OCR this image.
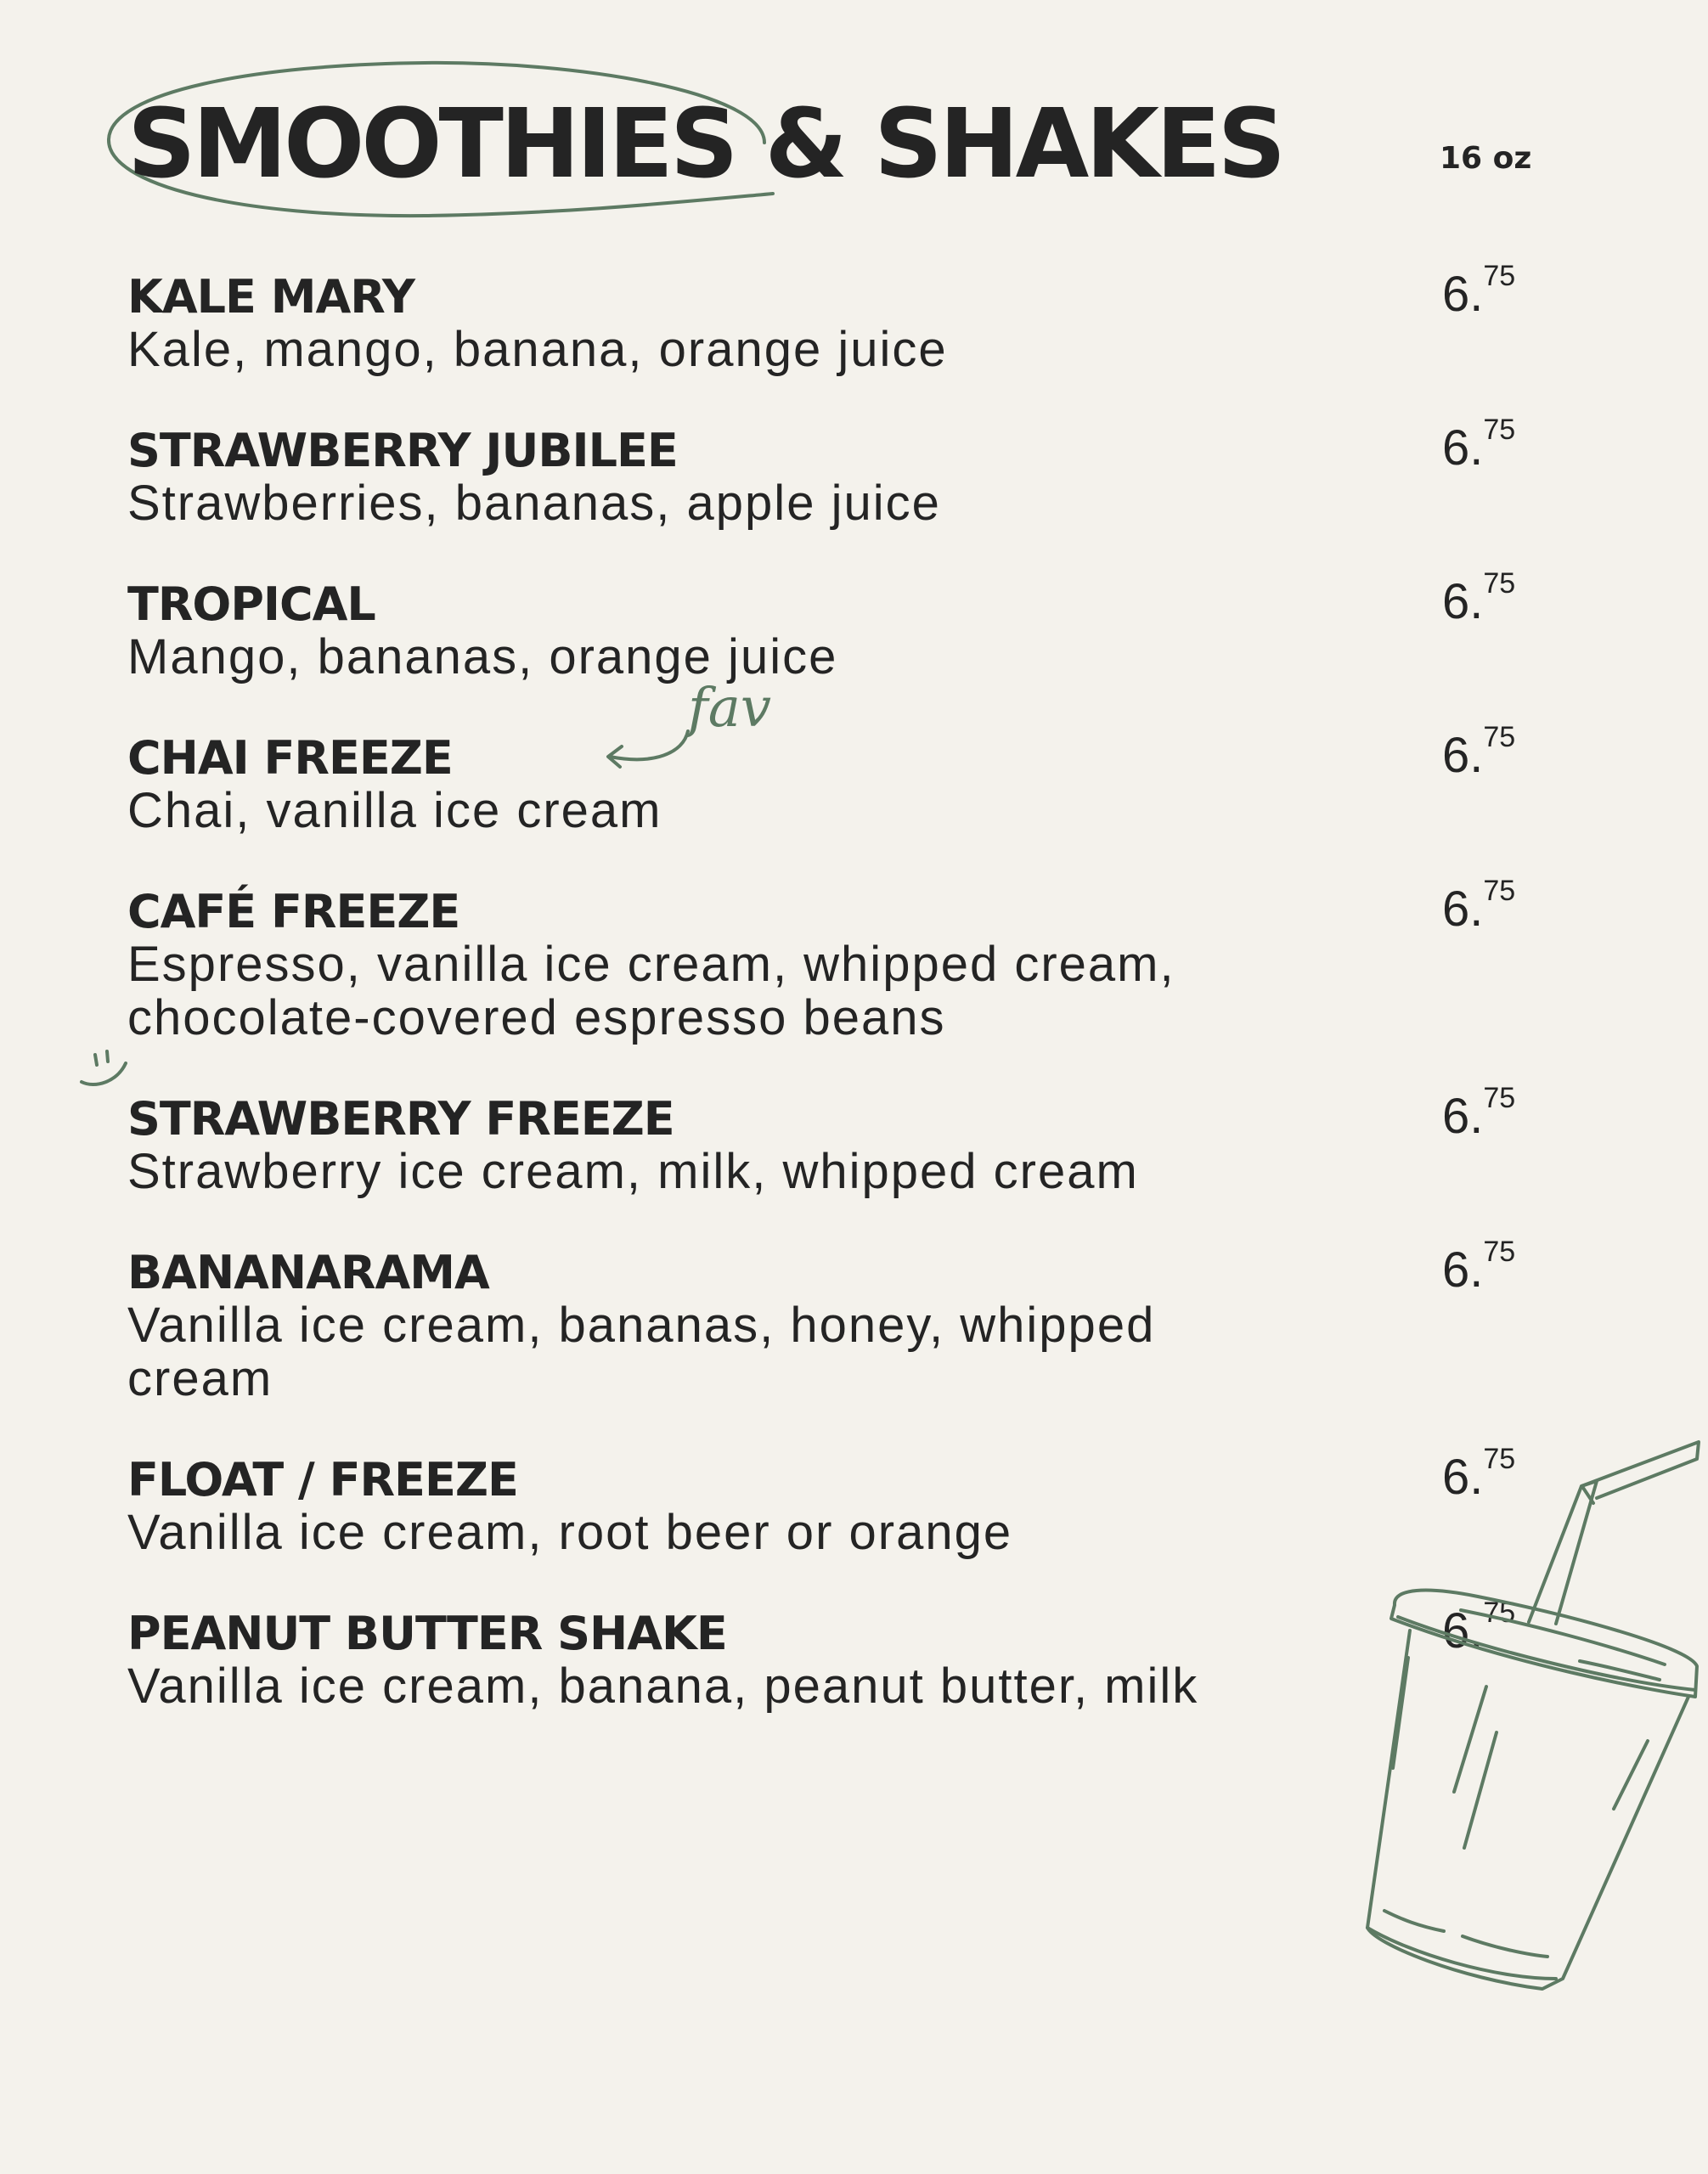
SMOOTHIES & SHAKES	16 oz
KALE MARY
Kale, mango, banana, orange juice
6.75
STRAWBERRY JUBILEE
Strawberries, bananas, apple juice
6.75
TROPICAL
Mango, bananas, orange juice
6.75
CHAI FREEZE
Chai, vanilla ice cream
6.75
fav
CAFÉ FREEZE
Espresso, vanilla ice cream, whipped cream, chocolate-covered espresso beans
6.75
STRAWBERRY FREEZE
Strawberry ice cream, milk, whipped cream
6.75
BANANARAMA
Vanilla ice cream, bananas, honey, whipped cream
6.75
FLOAT / FREEZE
Vanilla ice cream, root beer or orange
6.75
PEANUT BUTTER SHAKE
Vanilla ice cream, banana, peanut butter, milk
6.75
